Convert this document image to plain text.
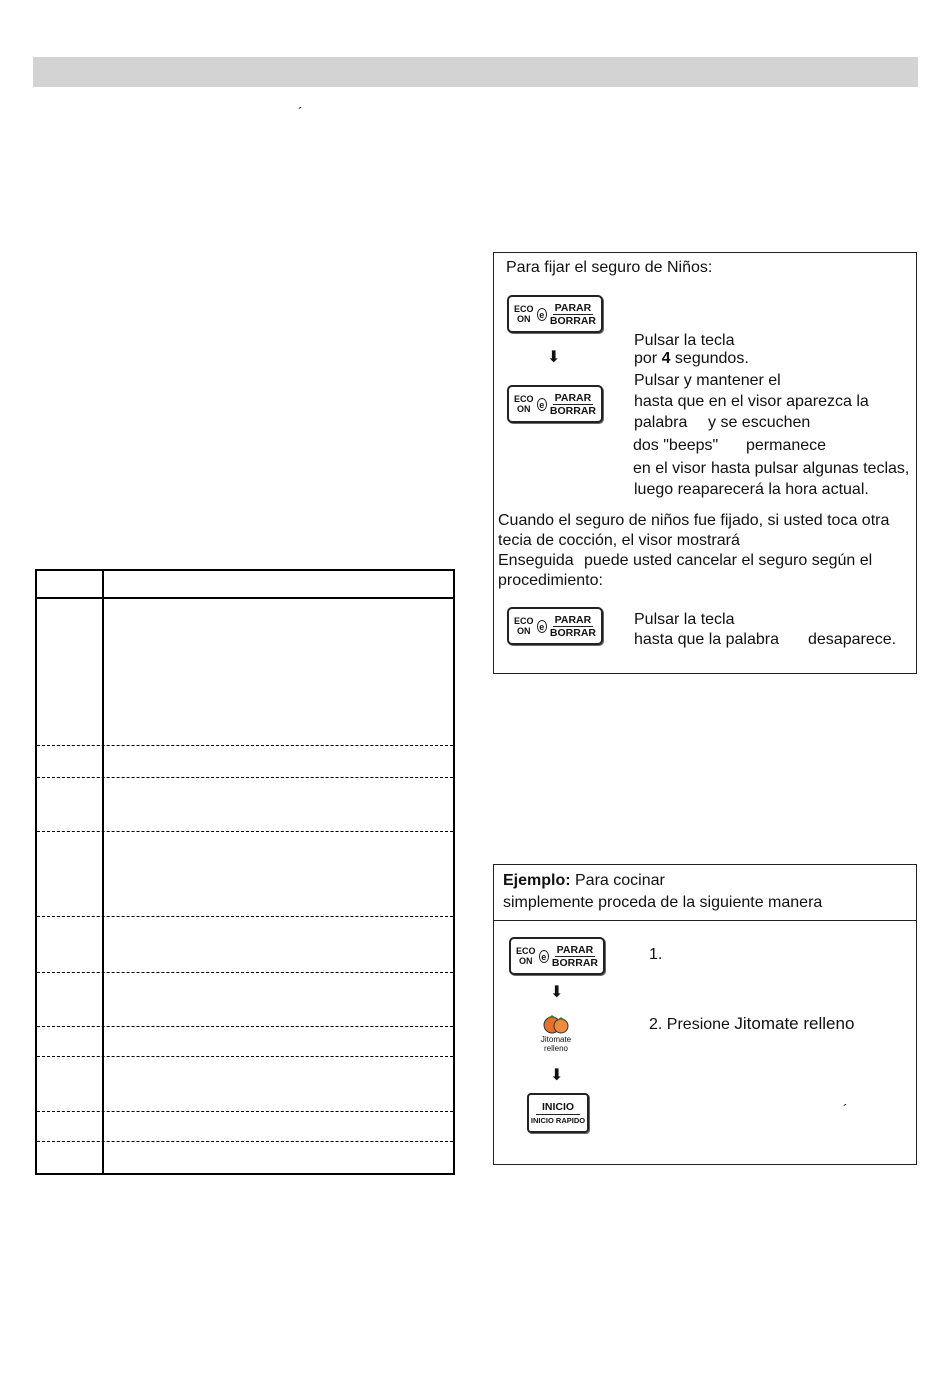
´
Para fijar el seguro de Niños:
ECO
ON e
PARAR
BORRAR
⬇
ECO
ON e
PARAR
BORRAR
Pulsar la tecla
por 4 segundos.
Pulsar y mantener el
hasta que en el visor aparezca la
palabra y se escuchen
dos "beeps" permanece
en el visor hasta pulsar algunas teclas,
luego reaparecerá la hora actual.
Cuando el seguro de niños fue fijado, si usted toca otra
tecia de cocción, el visor mostrará
Enseguida puede usted cancelar el seguro según el
procedimiento:
ECO
ON e
PARAR
BORRAR
Pulsar la tecla
hasta que la palabra desaparece.
Ejemplo: Para cocinar
simplemente proceda de la siguiente manera
ECO
ON e
PARAR
BORRAR
⬇
1.
2. Presione Jitomate relleno
Jitomate
relleno
⬇
INICIO
INICIO RAPIDO
´
